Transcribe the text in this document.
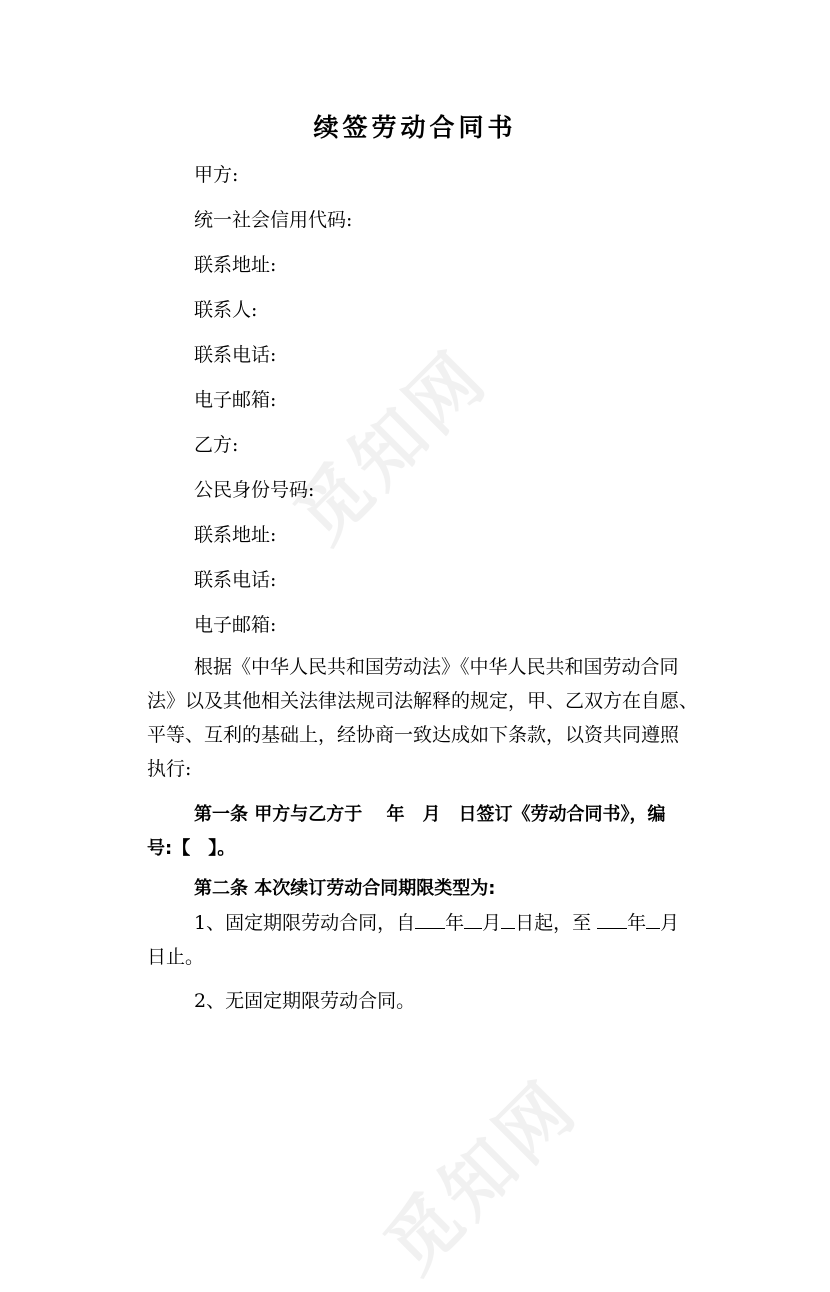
觅知网
觅知网
续签劳动合同书
甲方:
统一社会信用代码:
联系地址:
联系人:
联系电话:
电子邮箱:
乙方:
公民身份号码:
联系地址:
联系电话:
电子邮箱:
根据《中华人民共和国劳动法》《中华人民共和国劳动合同
法》以及其他相关法律法规司法解释的规定，甲、乙双方在自愿、
平等、互利的基础上，经协商一致达成如下条款，以资共同遵照
执行:
第一条 甲方与乙方于　 年　月　日签订《劳动合同书》，编
号:【　】。
第二条 本次续订劳动合同期限类型为:
1、固定期限劳动合同，自 年 月 日起，至 年 月
日止。
2、无固定期限劳动合同。
